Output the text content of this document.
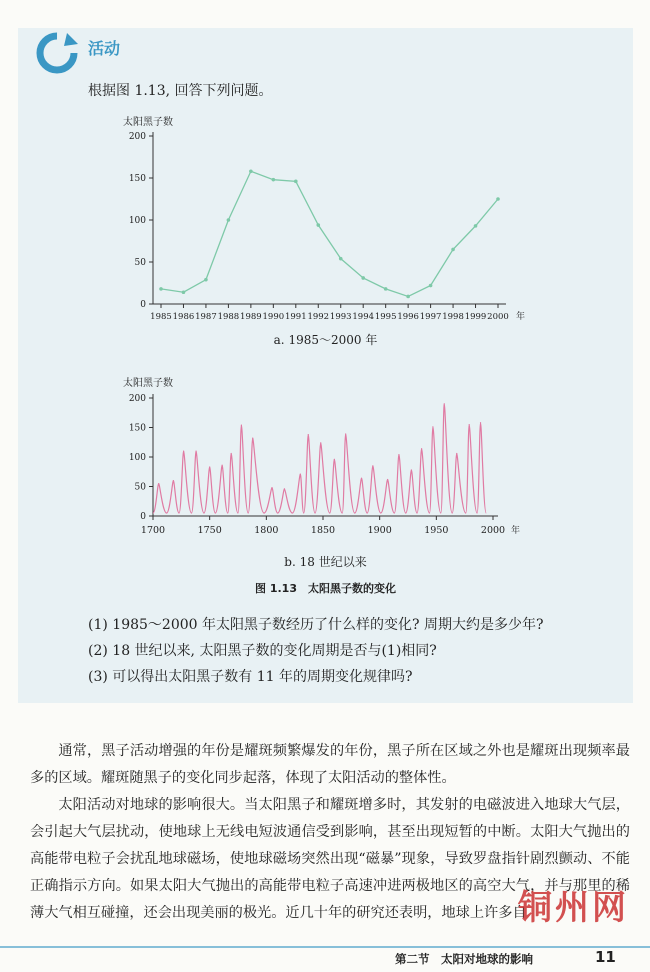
活动
根据图 1.13, 回答下列问题。
太阳黑子数
0
50
100
150
200
1985 1986 1987 1988 1989 1990 1991 1992 1993 1994 1995 1996 1997 1998 1999 2000 年
太阳黑子数
0
50
100
150
200
1700	1750	1800	1850	1900	1950	2000 年
a. 1985～2000 年
b. 18 世纪以来
图 1.13　太阳黑子数的变化
(1) 1985～2000 年太阳黑子数经历了什么样的变化? 周期大约是多少年?
(2) 18 世纪以来, 太阳黑子数的变化周期是否与(1)相同?
(3) 可以得出太阳黑子数有 11 年的周期变化规律吗?
通常，黑子活动增强的年份是耀斑频繁爆发的年份，黑子所在区域之外也是耀斑出现频率最多的区域。耀斑随黑子的变化同步起落，体现了太阳活动的整体性。
太阳活动对地球的影响很大。当太阳黑子和耀斑增多时，其发射的电磁波进入地球大气层，会引起大气层扰动，使地球上无线电短波通信受到影响，甚至出现短暂的中断。太阳大气抛出的高能带电粒子会扰乱地球磁场，使地球磁场突然出现“磁暴”现象，导致罗盘指针剧烈颤动、不能正确指示方向。如果太阳大气抛出的高能带电粒子高速冲进两极地区的高空大气，并与那里的稀薄大气相互碰撞，还会出现美丽的极光。近几十年的研究还表明，地球上许多自
铜州网
第二节　太阳对地球的影响	11
